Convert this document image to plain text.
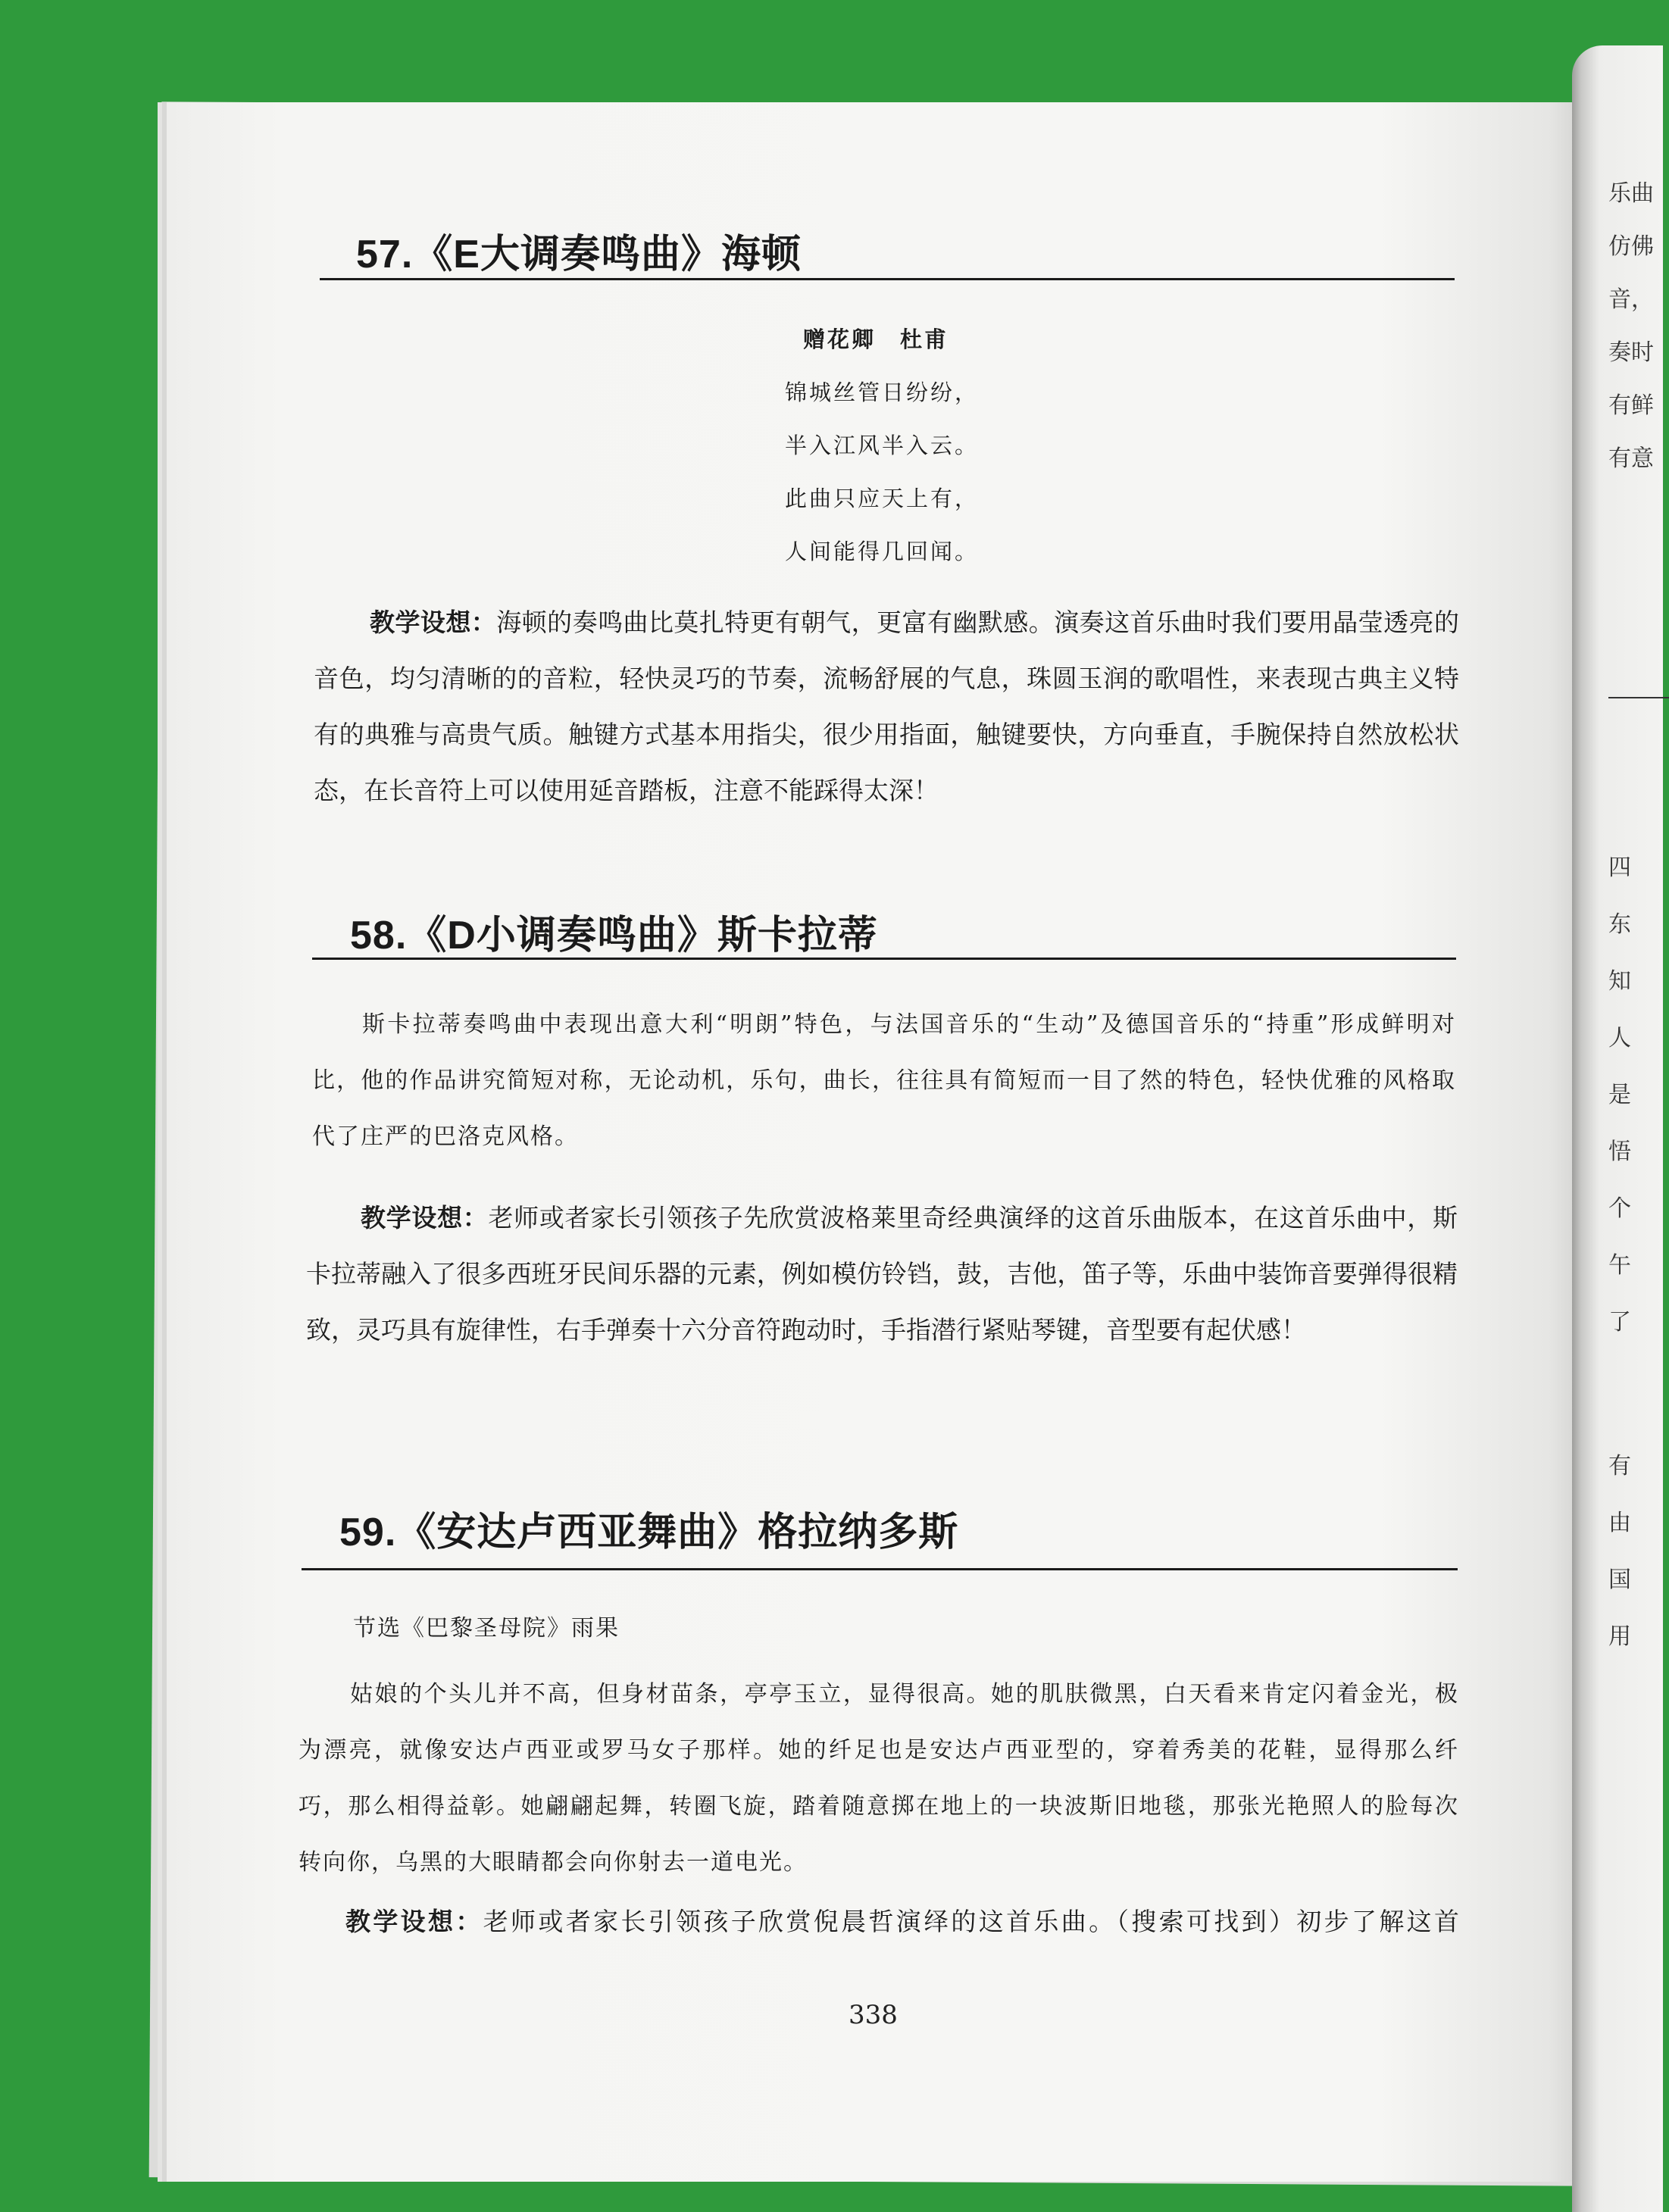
乐曲
仿佛
音，
奏时
有鲜
有意
四
东
知
人
是
悟
个
午
了
有
由
国
用
57.《E大调奏鸣曲》海顿
赠花卿　杜甫
锦城丝管日纷纷，
半入江风半入云。
此曲只应天上有，
人间能得几回闻。
教学设想：海顿的奏鸣曲比莫扎特更有朝气，更富有幽默感。演奏这首乐曲时我们要用晶莹透亮的音色，均匀清晰的的音粒，轻快灵巧的节奏，流畅舒展的气息，珠圆玉润的歌唱性，来表现古典主义特有的典雅与高贵气质。触键方式基本用指尖，很少用指面，触键要快，方向垂直，手腕保持自然放松状态，在长音符上可以使用延音踏板，注意不能踩得太深！
58.《D小调奏鸣曲》斯卡拉蒂
斯卡拉蒂奏鸣曲中表现出意大利“明朗”特色，与法国音乐的“生动”及德国音乐的“持重”形成鲜明对比，他的作品讲究简短对称，无论动机，乐句，曲长，往往具有简短而一目了然的特色，轻快优雅的风格取代了庄严的巴洛克风格。
教学设想：老师或者家长引领孩子先欣赏波格莱里奇经典演绎的这首乐曲版本，在这首乐曲中，斯卡拉蒂融入了很多西班牙民间乐器的元素，例如模仿铃铛，鼓，吉他，笛子等，乐曲中装饰音要弹得很精致，灵巧具有旋律性，右手弹奏十六分音符跑动时，手指潜行紧贴琴键，音型要有起伏感！
59.《安达卢西亚舞曲》格拉纳多斯
节选《巴黎圣母院》雨果
姑娘的个头儿并不高，但身材苗条，亭亭玉立，显得很高。她的肌肤微黑，白天看来肯定闪着金光，极为漂亮，就像安达卢西亚或罗马女子那样。她的纤足也是安达卢西亚型的，穿着秀美的花鞋，显得那么纤巧，那么相得益彰。她翩翩起舞，转圈飞旋，踏着随意掷在地上的一块波斯旧地毯，那张光艳照人的脸每次转向你，乌黑的大眼睛都会向你射去一道电光。
教学设想：老师或者家长引领孩子欣赏倪晨哲演绎的这首乐曲。（搜索可找到）初步了解这首
338
